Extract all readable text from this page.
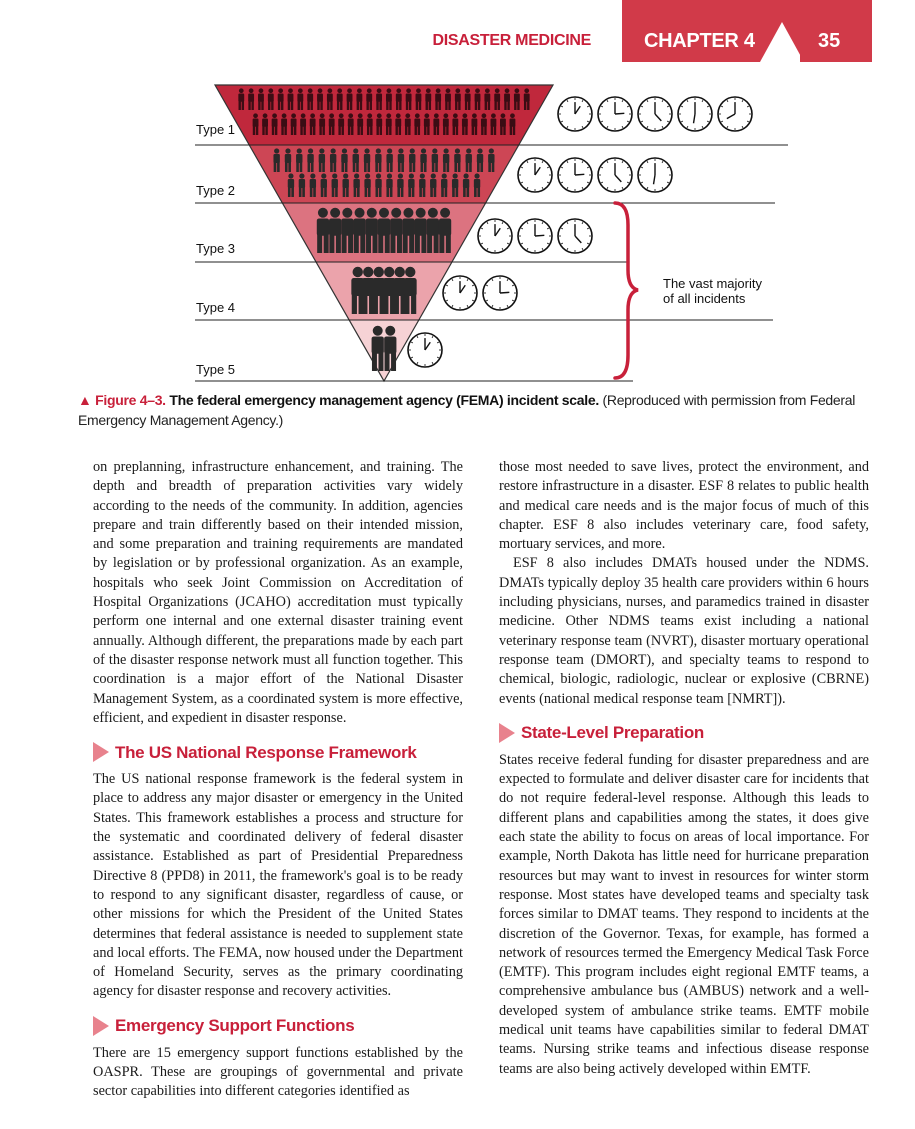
DISASTER MEDICINE	CHAPTER 4	35
Type 1
Type 2
Type 3
Type 4
Type 5
The vast majority
of all incidents
▲ Figure 4–3. The federal emergency management agency (FEMA) incident scale. (Reproduced with permission from Federal Emergency Management Agency.)

on preplanning, infrastructure enhancement, and training. The depth and breadth of preparation activities vary widely according to the needs of the community. In addition, agencies prepare and train differently based on their intended mission, and some preparation and training requirements are mandated by legislation or by professional organization. As an example, hospitals who seek Joint Commission on Accreditation of Hospital Organizations (JCAHO) accreditation must typically perform one internal and one external disaster training event annually. Although different, the preparations made by each part of the disaster response network must all function together. This coordination is a major effort of the National Disaster Management System, as a coordinated system is more effective, efficient, and expedient in disaster response.

The US National Response Framework

The US national response framework is the federal system in place to address any major disaster or emergency in the United States. This framework establishes a process and structure for the systematic and coordinated delivery of federal disaster assistance. Established as part of Presidential Preparedness Directive 8 (PPD8) in 2011, the framework's goal is to be ready to respond to any significant disaster, regardless of cause, or other missions for which the President of the United States determines that federal assistance is needed to supplement state and local efforts. The FEMA, now housed under the Department of Homeland Security, serves as the primary coordinating agency for disaster response and recovery activities.

Emergency Support Functions

There are 15 emergency support functions established by the OASPR. These are groupings of governmental and private sector capabilities into different categories identified as

those most needed to save lives, protect the environment, and restore infrastructure in a disaster. ESF 8 relates to public health and medical care needs and is the major focus of much of this chapter. ESF 8 also includes veterinary care, food safety, mortuary services, and more.

ESF 8 also includes DMATs housed under the NDMS. DMATs typically deploy 35 health care providers within 6 hours including physicians, nurses, and paramedics trained in disaster medicine. Other NDMS teams exist including a national veterinary response team (NVRT), disaster mortuary operational response team (DMORT), and specialty teams to respond to chemical, biologic, radiologic, nuclear or explosive (CBRNE) events (national medical response team [NMRT]).

State-Level Preparation

States receive federal funding for disaster preparedness and are expected to formulate and deliver disaster care for incidents that do not require federal-level response. Although this leads to different plans and capabilities among the states, it does give each state the ability to focus on areas of local importance. For example, North Dakota has little need for hurricane preparation resources but may want to invest in resources for winter storm response. Most states have developed teams and specialty task forces similar to DMAT teams. They respond to incidents at the discretion of the Governor. Texas, for example, has formed a network of resources termed the Emergency Medical Task Force (EMTF). This program includes eight regional EMTF teams, a comprehensive ambulance bus (AMBUS) network and a well-developed system of ambulance strike teams. EMTF mobile medical unit teams have capabilities similar to federal DMAT teams. Nursing strike teams and infectious disease response teams are also being actively developed within EMTF.
